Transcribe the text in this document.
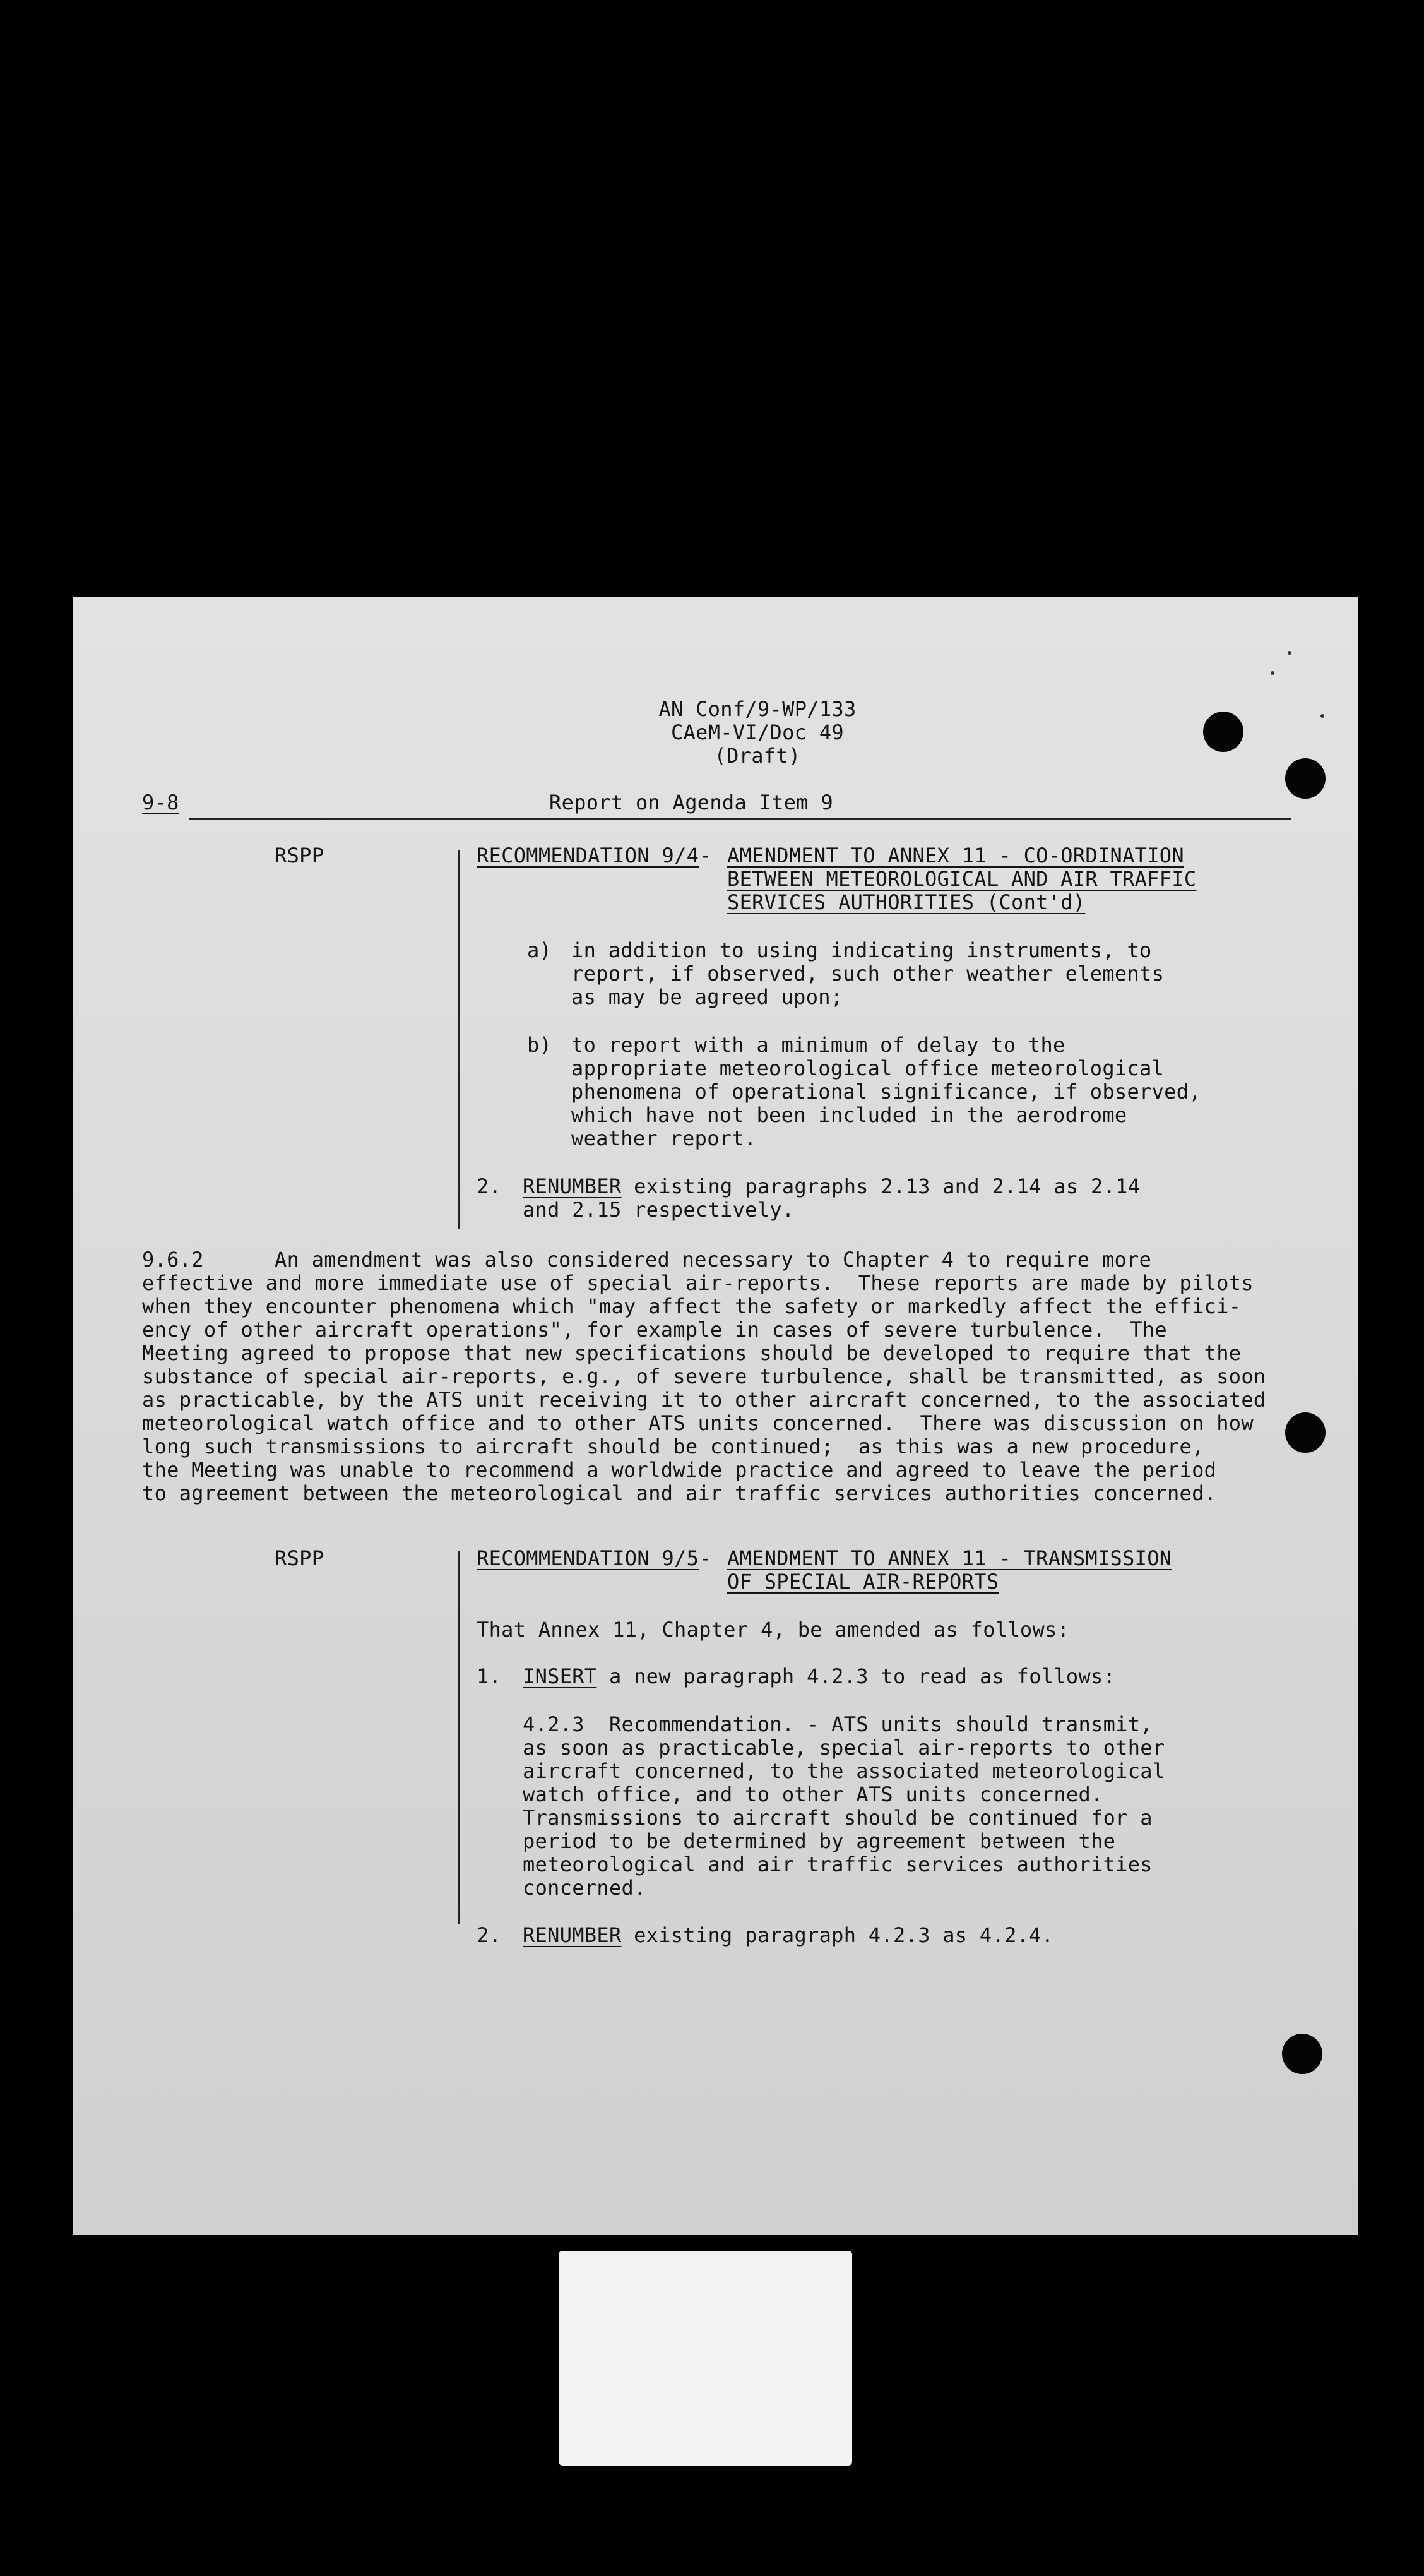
AN Conf/9-WP/133
CAeM-VI/Doc 49
(Draft)
9-8	Report on Agenda Item 9
RSPP	RECOMMENDATION 9/4 - AMENDMENT TO ANNEX 11 - CO-ORDINATION
BETWEEN METEOROLOGICAL AND AIR TRAFFIC
SERVICES AUTHORITIES (Cont'd)
a) in addition to using indicating instruments, to
report, if observed, such other weather elements
as may be agreed upon;
b) to report with a minimum of delay to the
appropriate meteorological office meteorological
phenomena of operational significance, if observed,
which have not been included in the aerodrome
weather report.
2. RENUMBER existing paragraphs 2.13 and 2.14 as 2.14
and 2.15 respectively.
9.6.2	An amendment was also considered necessary to Chapter 4 to require more
effective and more immediate use of special air-reports.  These reports are made by pilots
when they encounter phenomena which "may affect the safety or markedly affect the effici-
ency of other aircraft operations", for example in cases of severe turbulence.  The
Meeting agreed to propose that new specifications should be developed to require that the
substance of special air-reports, e.g., of severe turbulence, shall be transmitted, as soon
as practicable, by the ATS unit receiving it to other aircraft concerned, to the associated
meteorological watch office and to other ATS units concerned.  There was discussion on how
long such transmissions to aircraft should be continued;  as this was a new procedure,
the Meeting was unable to recommend a worldwide practice and agreed to leave the period
to agreement between the meteorological and air traffic services authorities concerned.
RSPP	RECOMMENDATION 9/5 - AMENDMENT TO ANNEX 11 - TRANSMISSION
OF SPECIAL AIR-REPORTS
That Annex 11, Chapter 4, be amended as follows:
1. INSERT a new paragraph 4.2.3 to read as follows:
4.2.3  Recommendation. - ATS units should transmit,
as soon as practicable, special air-reports to other
aircraft concerned, to the associated meteorological
watch office, and to other ATS units concerned.
Transmissions to aircraft should be continued for a
period to be determined by agreement between the
meteorological and air traffic services authorities
concerned.
2. RENUMBER existing paragraph 4.2.3 as 4.2.4.
